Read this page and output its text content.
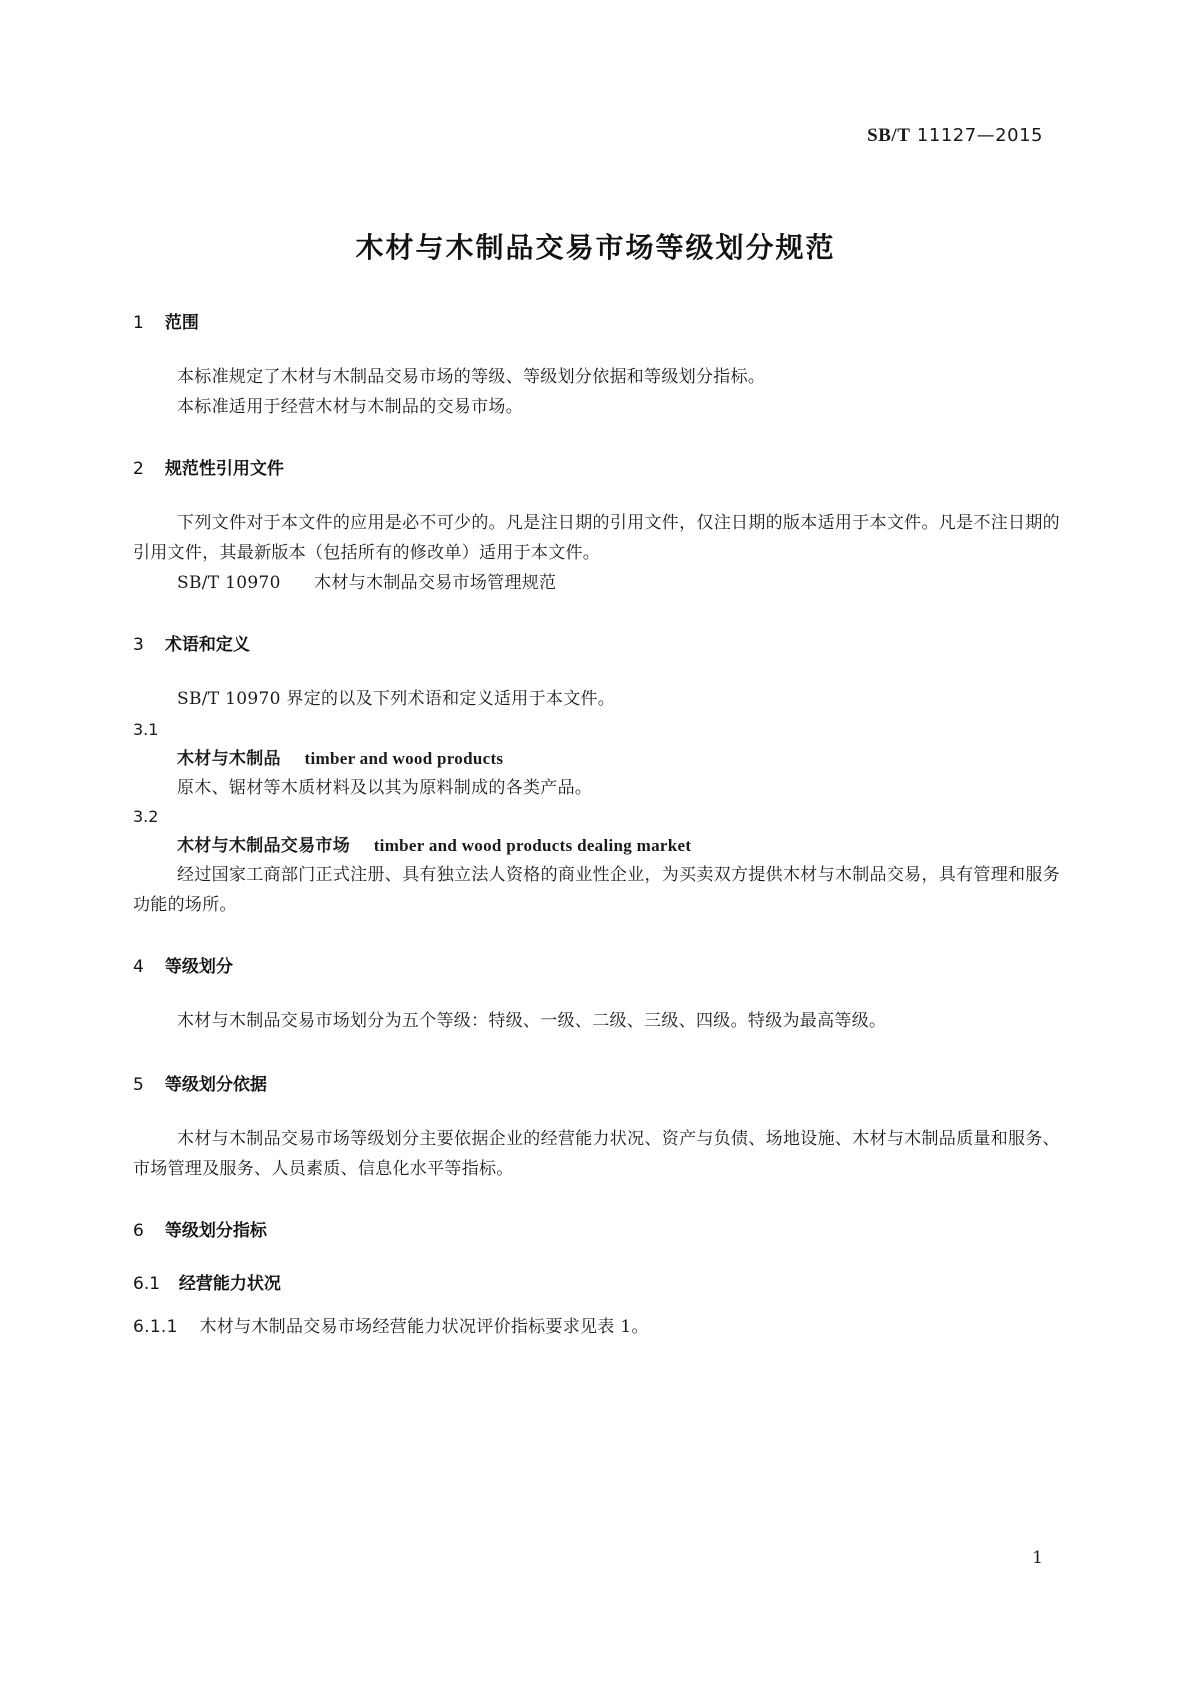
SB/T 11127—2015
木材与木制品交易市场等级划分规范
1 范围
本标准规定了木材与木制品交易市场的等级、等级划分依据和等级划分指标。
本标准适用于经营木材与木制品的交易市场。
2 规范性引用文件
下列文件对于本文件的应用是必不可少的。凡是注日期的引用文件，仅注日期的版本适用于本文件。凡是不注日期的引用文件，其最新版本（包括所有的修改单）适用于本文件。
SB/T 10970 木材与木制品交易市场管理规范
3 术语和定义
SB/T 10970 界定的以及下列术语和定义适用于本文件。
3.1
木材与木制品 timber and wood products
原木、锯材等木质材料及以其为原料制成的各类产品。
3.2
木材与木制品交易市场 timber and wood products dealing market
经过国家工商部门正式注册、具有独立法人资格的商业性企业，为买卖双方提供木材与木制品交易，具有管理和服务功能的场所。
4 等级划分
木材与木制品交易市场划分为五个等级：特级、一级、二级、三级、四级。特级为最高等级。
5 等级划分依据
木材与木制品交易市场等级划分主要依据企业的经营能力状况、资产与负债、场地设施、木材与木制品质量和服务、市场管理及服务、人员素质、信息化水平等指标。
6 等级划分指标
6.1 经营能力状况
6.1.1 木材与木制品交易市场经营能力状况评价指标要求见表 1。
1
